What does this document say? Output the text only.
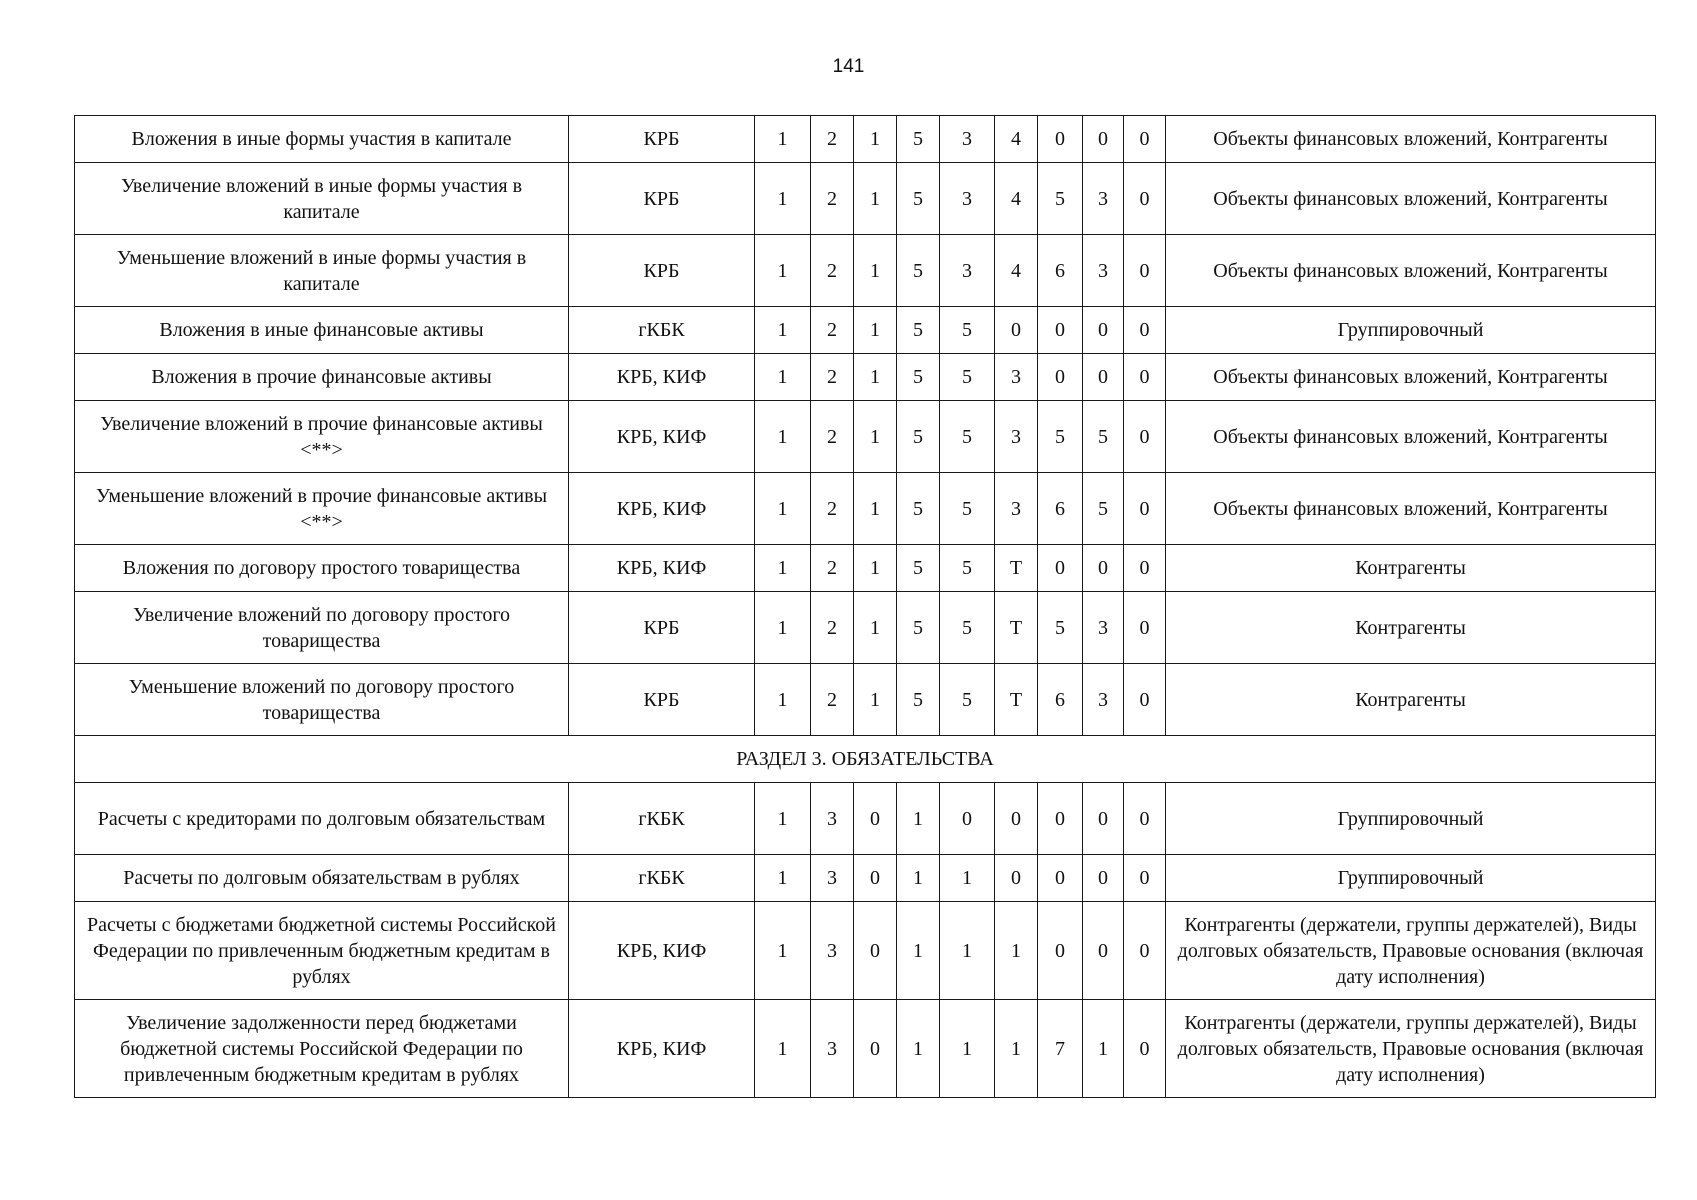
141
Вложения в иные формы участия в капитале	КРБ	1	2	1	5	3	4	0	0	0	Объекты финансовых вложений, Контрагенты
Увеличение вложений в иные формы участия в капитале	КРБ	1	2	1	5	3	4	5	3	0	Объекты финансовых вложений, Контрагенты
Уменьшение вложений в иные формы участия в капитале	КРБ	1	2	1	5	3	4	6	3	0	Объекты финансовых вложений, Контрагенты
Вложения в иные финансовые активы	гКБК	1	2	1	5	5	0	0	0	0	Группировочный
Вложения в прочие финансовые активы	КРБ, КИФ	1	2	1	5	5	3	0	0	0	Объекты финансовых вложений, Контрагенты
Увеличение вложений в прочие финансовые активы <**>	КРБ, КИФ	1	2	1	5	5	3	5	5	0	Объекты финансовых вложений, Контрагенты
Уменьшение вложений в прочие финансовые активы <**>	КРБ, КИФ	1	2	1	5	5	3	6	5	0	Объекты финансовых вложений, Контрагенты
Вложения по договору простого товарищества	КРБ, КИФ	1	2	1	5	5	Т	0	0	0	Контрагенты
Увеличение вложений по договору простого товарищества	КРБ	1	2	1	5	5	Т	5	3	0	Контрагенты
Уменьшение вложений по договору простого товарищества	КРБ	1	2	1	5	5	Т	6	3	0	Контрагенты
РАЗДЕЛ 3. ОБЯЗАТЕЛЬСТВА											
Расчеты с кредиторами по долговым обязательствам	гКБК	1	3	0	1	0	0	0	0	0	Группировочный
Расчеты по долговым обязательствам в рублях	гКБК	1	3	0	1	1	0	0	0	0	Группировочный
Расчеты с бюджетами бюджетной системы Российской Федерации по привлеченным бюджетным кредитам в рублях	КРБ, КИФ	1	3	0	1	1	1	0	0	0	Контрагенты (держатели, группы держателей), Виды долговых обязательств, Правовые основания (включая дату исполнения)
Увеличение задолженности перед бюджетами бюджетной системы Российской Федерации по привлеченным бюджетным кредитам в рублях	КРБ, КИФ	1	3	0	1	1	1	7	1	0	Контрагенты (держатели, группы держателей), Виды долговых обязательств, Правовые основания (включая дату исполнения)
